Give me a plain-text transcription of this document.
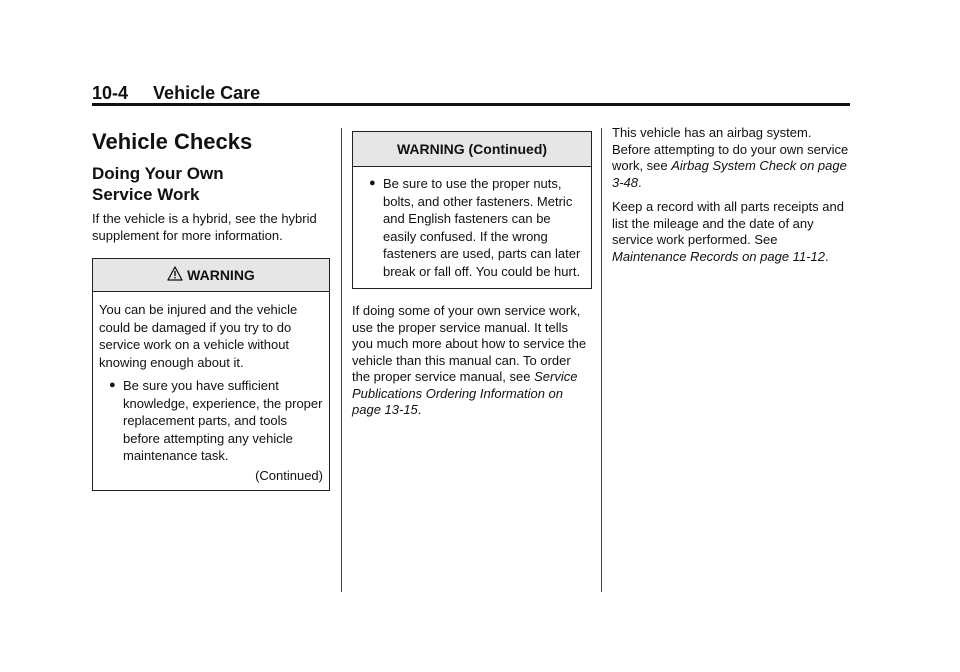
10-4 Vehicle Care
Vehicle Checks
Doing Your Own
Service Work

If the vehicle is a hybrid, see the hybrid supplement for more information.

WARNING
You can be injured and the vehicle could be damaged if you try to do service work on a vehicle without knowing enough about it.
● Be sure you have sufficient knowledge, experience, the proper replacement parts, and tools before attempting any vehicle maintenance task.
(Continued)
WARNING (Continued)
● Be sure to use the proper nuts, bolts, and other fasteners. Metric and English fasteners can be easily confused. If the wrong fasteners are used, parts can later break or fall off. You could be hurt.

If doing some of your own service work, use the proper service manual. It tells you much more about how to service the vehicle than this manual can. To order the proper service manual, see Service Publications Ordering Information on page 13-15.

This vehicle has an airbag system. Before attempting to do your own service work, see Airbag System Check on page 3-48.

Keep a record with all parts receipts and list the mileage and the date of any service work performed. See Maintenance Records on page 11-12.
